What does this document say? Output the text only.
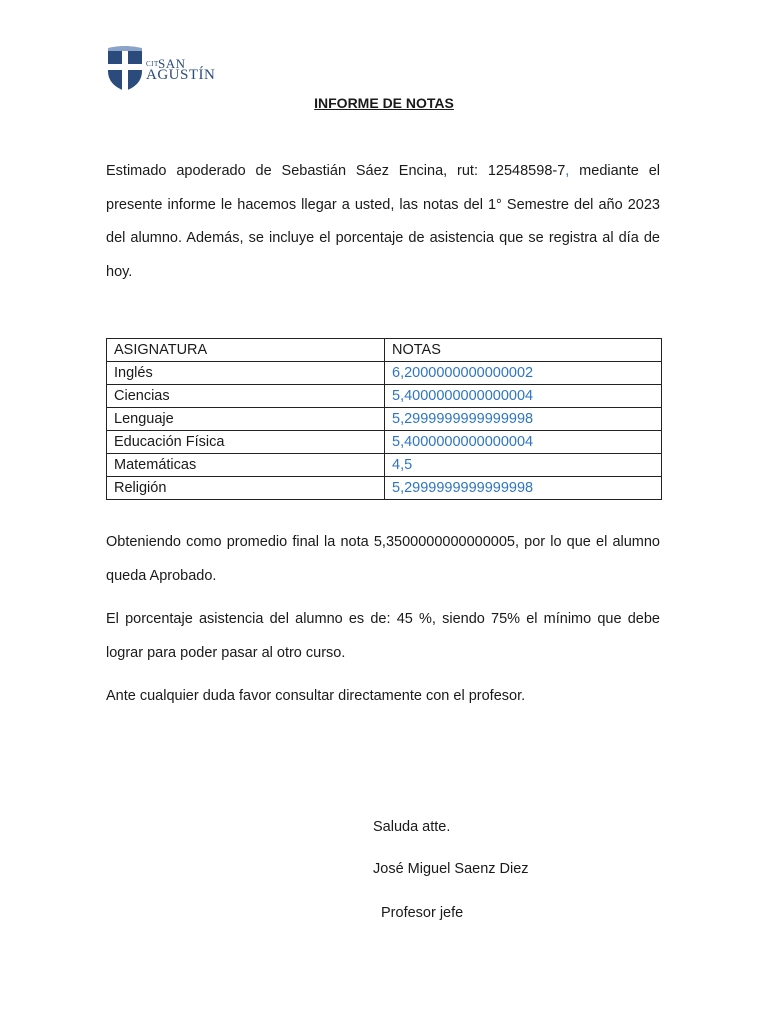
CIT SAN
AGUSTÍN
INFORME DE NOTAS
Estimado apoderado de Sebastián Sáez Encina, rut: 12548598-7, mediante el presente informe le hacemos llegar a usted, las notas del 1° Semestre del año 2023 del alumno. Además, se incluye el porcentaje de asistencia que se registra al día de hoy.
ASIGNATURA	NOTAS
Inglés	6,2000000000000002
Ciencias	5,4000000000000004
Lenguaje	5,2999999999999998
Educación Física	5,4000000000000004
Matemáticas	4,5
Religión	5,2999999999999998
Obteniendo como promedio final la nota 5,3500000000000005, por lo que el alumno queda Aprobado.
El porcentaje asistencia del alumno es de: 45 %, siendo 75% el mínimo que debe lograr para poder pasar al otro curso.
Ante cualquier duda favor consultar directamente con el profesor.
Saluda atte.
José Miguel Saenz Diez
Profesor jefe
